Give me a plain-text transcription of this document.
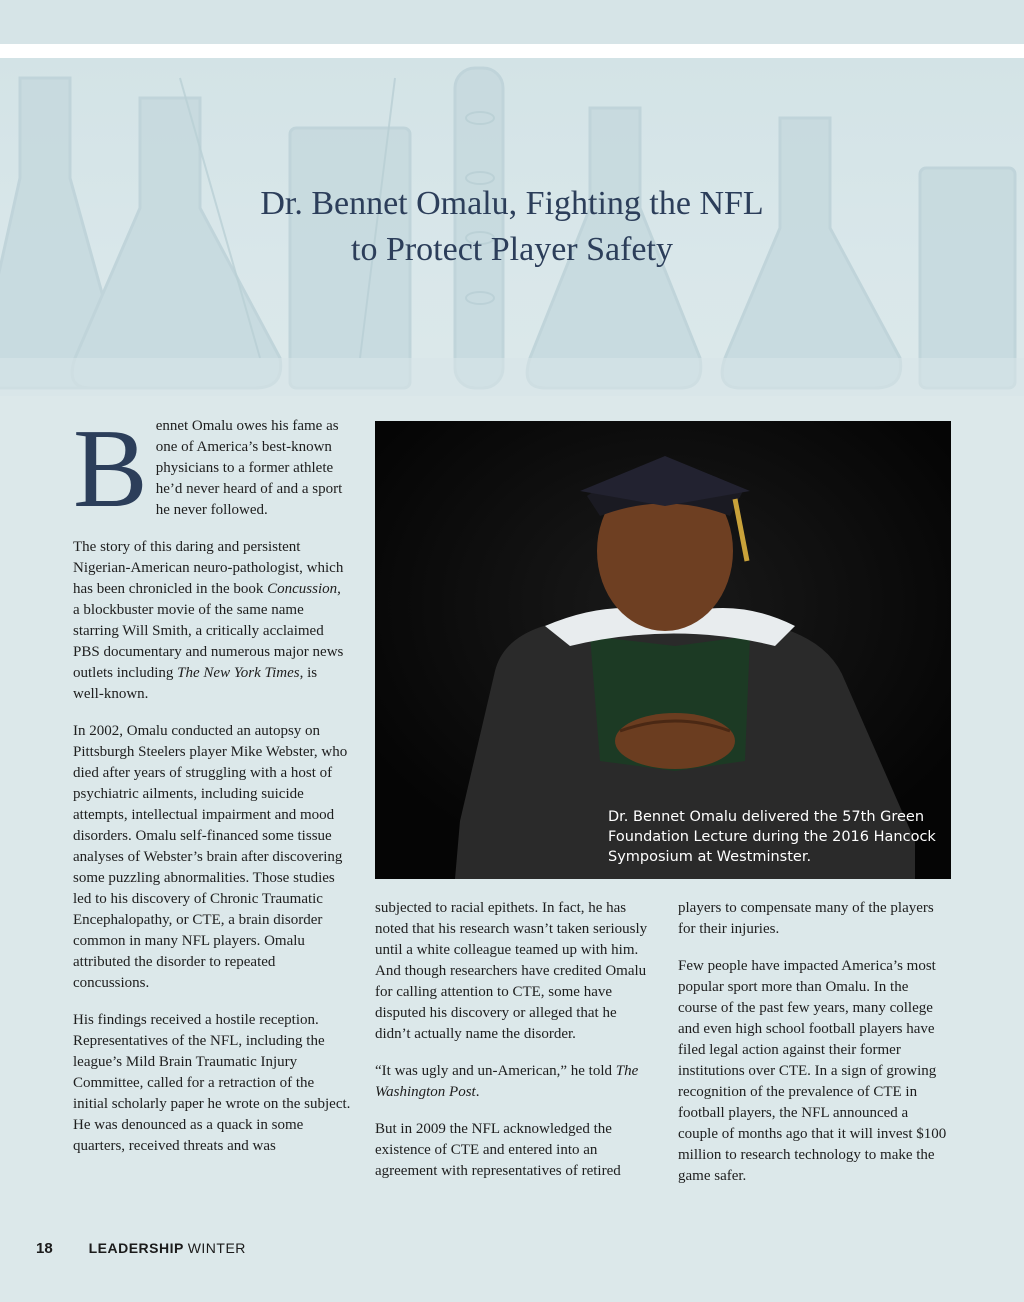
Dr. Bennet Omalu, Fighting the NFL
to Protect Player Safety

Bennet Omalu owes his fame as one of America’s best-known physicians to a former athlete he’d never heard of and a sport he never followed.

The story of this daring and persistent Nigerian-American neuro-pathologist, which has been chronicled in the book Concussion, a blockbuster movie of the same name starring Will Smith, a critically acclaimed PBS documentary and numerous major news outlets including The New York Times, is well-known.

In 2002, Omalu conducted an autopsy on Pittsburgh Steelers player Mike Webster, who died after years of struggling with a host of psychiatric ailments, including suicide attempts, intellectual impairment and mood disorders. Omalu self-financed some tissue analyses of Webster’s brain after discovering some puzzling abnormalities. Those studies led to his discovery of Chronic Traumatic Encephalopathy, or CTE, a brain disorder common in many NFL players. Omalu attributed the disorder to repeated concussions.

His findings received a hostile reception. Representatives of the NFL, including the league’s Mild Brain Traumatic Injury Committee, called for a retraction of the initial scholarly paper he wrote on the subject. He was denounced as a quack in some quarters, received threats and was

Dr. Bennet Omalu delivered the 57th Green Foundation Lecture during the 2016 Hancock Symposium at Westminster.

subjected to racial epithets. In fact, he has noted that his research wasn’t taken seriously until a white colleague teamed up with him. And though researchers have credited Omalu for calling attention to CTE, some have disputed his discovery or alleged that he didn’t actually name the disorder.

“It was ugly and un-American,” he told The Washington Post.

But in 2009 the NFL acknowledged the existence of CTE and entered into an agreement with representatives of retired

players to compensate many of the players for their injuries.

Few people have impacted America’s most popular sport more than Omalu. In the course of the past few years, many college and even high school football players have filed legal action against their former institutions over CTE. In a sign of growing recognition of the prevalence of CTE in football players, the NFL announced a couple of months ago that it will invest $100 million to research technology to make the game safer.

18	LEADERSHIP WINTER
